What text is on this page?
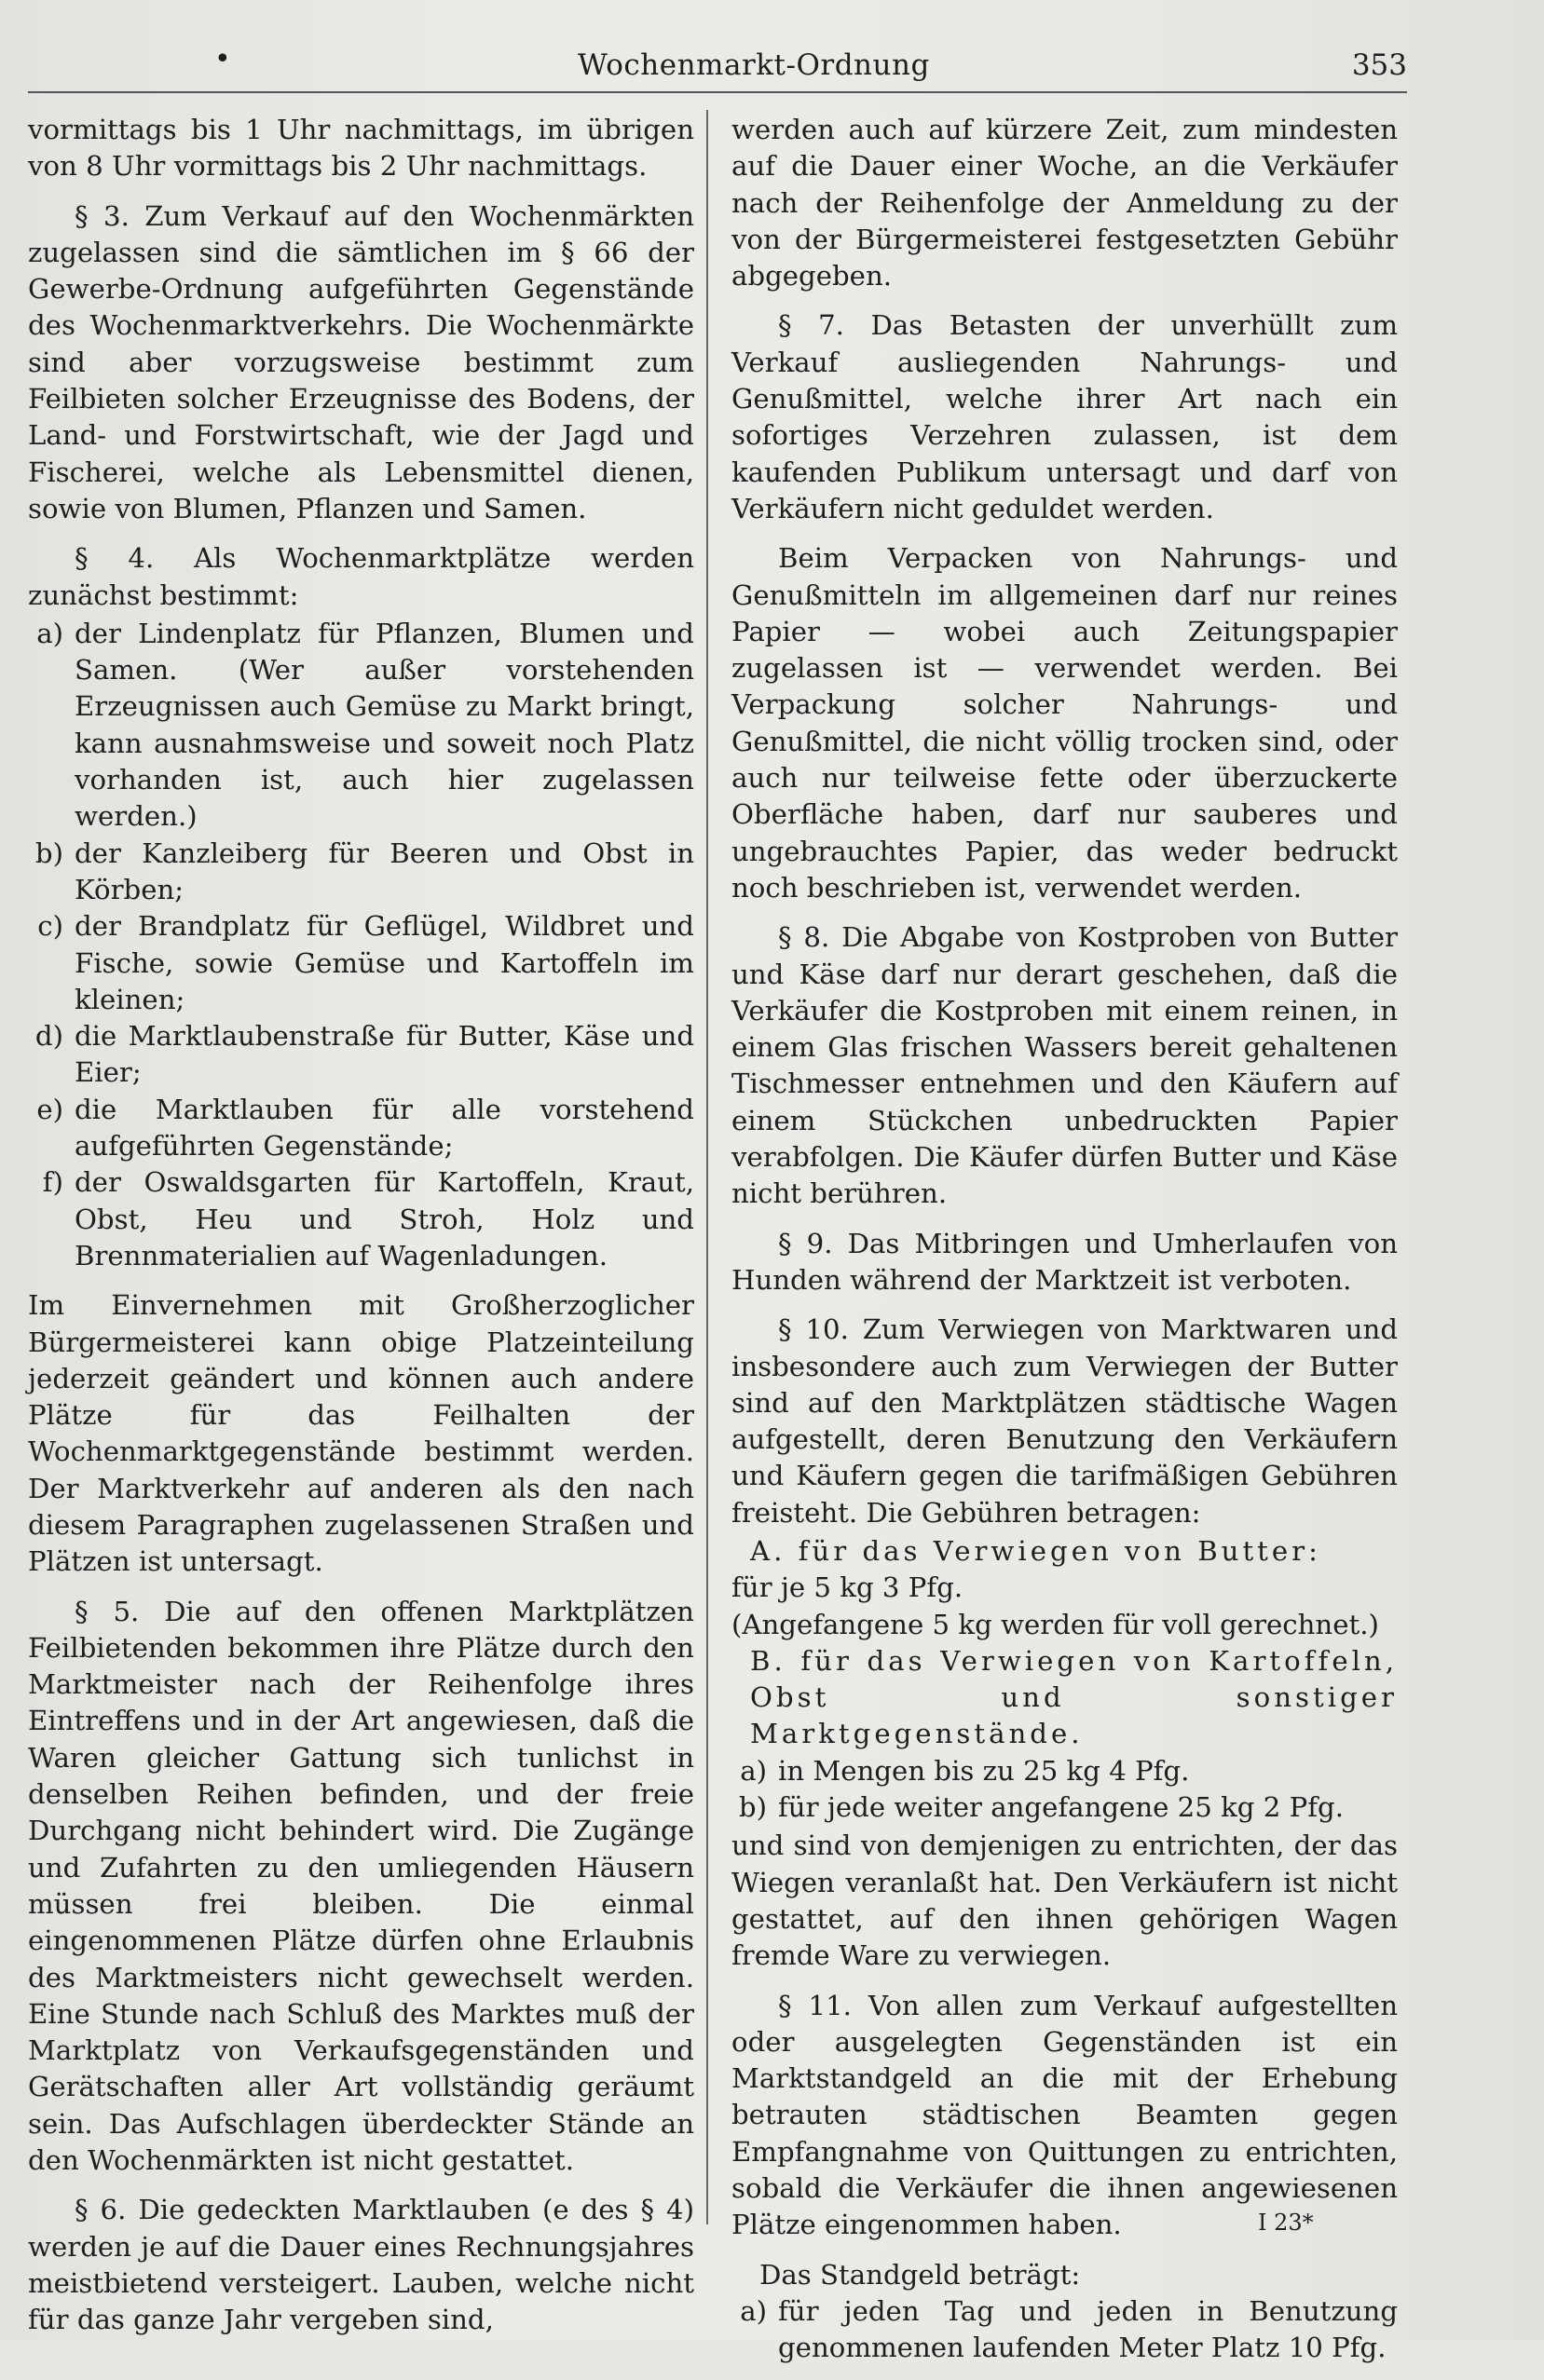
•	Wochenmarkt-Ordnung	353

vormittags bis 1 Uhr nachmittags, im übrigen von 8 Uhr vormittags bis 2 Uhr nachmittags.

§ 3. Zum Verkauf auf den Wochenmärkten zugelassen sind die sämtlichen im § 66 der Gewerbe-Ordnung aufgeführten Gegenstände des Wochenmarktverkehrs. Die Wochenmärkte sind aber vorzugsweise bestimmt zum Feilbieten solcher Erzeugnisse des Bodens, der Land- und Forstwirtschaft, wie der Jagd und Fischerei, welche als Lebensmittel dienen, sowie von Blumen, Pflanzen und Samen.

§ 4. Als Wochenmarktplätze werden zunächst bestimmt:

a) der Lindenplatz für Pflanzen, Blumen und Samen. (Wer außer vorstehenden Erzeugnissen auch Gemüse zu Markt bringt, kann ausnahmsweise und soweit noch Platz vorhanden ist, auch hier zugelassen werden.)
b) der Kanzleiberg für Beeren und Obst in Körben;
c) der Brandplatz für Geflügel, Wildbret und Fische, sowie Gemüse und Kartoffeln im kleinen;
d) die Marktlaubenstraße für Butter, Käse und Eier;
e) die Marktlauben für alle vorstehend aufgeführten Gegenstände;
f) der Oswaldsgarten für Kartoffeln, Kraut, Obst, Heu und Stroh, Holz und Brennmaterialien auf Wagenladungen.

Im Einvernehmen mit Großherzoglicher Bürgermeisterei kann obige Platzeinteilung jederzeit geändert und können auch andere Plätze für das Feilhalten der Wochenmarktgegenstände bestimmt werden. Der Marktverkehr auf anderen als den nach diesem Paragraphen zugelassenen Straßen und Plätzen ist untersagt.

§ 5. Die auf den offenen Marktplätzen Feilbietenden bekommen ihre Plätze durch den Marktmeister nach der Reihenfolge ihres Eintreffens und in der Art angewiesen, daß die Waren gleicher Gattung sich tunlichst in denselben Reihen befinden, und der freie Durchgang nicht behindert wird. Die Zugänge und Zufahrten zu den umliegenden Häusern müssen frei bleiben. Die einmal eingenommenen Plätze dürfen ohne Erlaubnis des Marktmeisters nicht gewechselt werden. Eine Stunde nach Schluß des Marktes muß der Marktplatz von Verkaufsgegenständen und Gerätschaften aller Art vollständig geräumt sein. Das Aufschlagen überdeckter Stände an den Wochenmärkten ist nicht gestattet.

§ 6. Die gedeckten Marktlauben (e des § 4) werden je auf die Dauer eines Rechnungsjahres meistbietend versteigert. Lauben, welche nicht für das ganze Jahr vergeben sind,

werden auch auf kürzere Zeit, zum mindesten auf die Dauer einer Woche, an die Verkäufer nach der Reihenfolge der Anmeldung zu der von der Bürgermeisterei festgesetzten Gebühr abgegeben.

§ 7. Das Betasten der unverhüllt zum Verkauf ausliegenden Nahrungs- und Genußmittel, welche ihrer Art nach ein sofortiges Verzehren zulassen, ist dem kaufenden Publikum untersagt und darf von Verkäufern nicht geduldet werden.

Beim Verpacken von Nahrungs- und Genußmitteln im allgemeinen darf nur reines Papier — wobei auch Zeitungspapier zugelassen ist — verwendet werden. Bei Verpackung solcher Nahrungs- und Genußmittel, die nicht völlig trocken sind, oder auch nur teilweise fette oder überzuckerte Oberfläche haben, darf nur sauberes und ungebrauchtes Papier, das weder bedruckt noch beschrieben ist, verwendet werden.

§ 8. Die Abgabe von Kostproben von Butter und Käse darf nur derart geschehen, daß die Verkäufer die Kostproben mit einem reinen, in einem Glas frischen Wassers bereit gehaltenen Tischmesser entnehmen und den Käufern auf einem Stückchen unbedruckten Papier verabfolgen. Die Käufer dürfen Butter und Käse nicht berühren.

§ 9. Das Mitbringen und Umherlaufen von Hunden während der Marktzeit ist verboten.

§ 10. Zum Verwiegen von Marktwaren und insbesondere auch zum Verwiegen der Butter sind auf den Marktplätzen städtische Wagen aufgestellt, deren Benutzung den Verkäufern und Käufern gegen die tarifmäßigen Gebühren freisteht. Die Gebühren betragen:

A. für das Verwiegen von Butter:
für je 5 kg 3 Pfg.
(Angefangene 5 kg werden für voll gerechnet.)
B. für das Verwiegen von Kartoffeln, Obst und sonstiger Marktgegenstände.
a) in Mengen bis zu 25 kg 4 Pfg.
b) für jede weiter angefangene 25 kg 2 Pfg.

und sind von demjenigen zu entrichten, der das Wiegen veranlaßt hat. Den Verkäufern ist nicht gestattet, auf den ihnen gehörigen Wagen fremde Ware zu verwiegen.

§ 11. Von allen zum Verkauf aufgestellten oder ausgelegten Gegenständen ist ein Marktstandgeld an die mit der Erhebung betrauten städtischen Beamten gegen Empfangnahme von Quittungen zu entrichten, sobald die Verkäufer die ihnen angewiesenen Plätze eingenommen haben.

Das Standgeld beträgt:
a) für jeden Tag und jeden in Benutzung genommenen laufenden Meter Platz 10 Pfg.
I 23*
